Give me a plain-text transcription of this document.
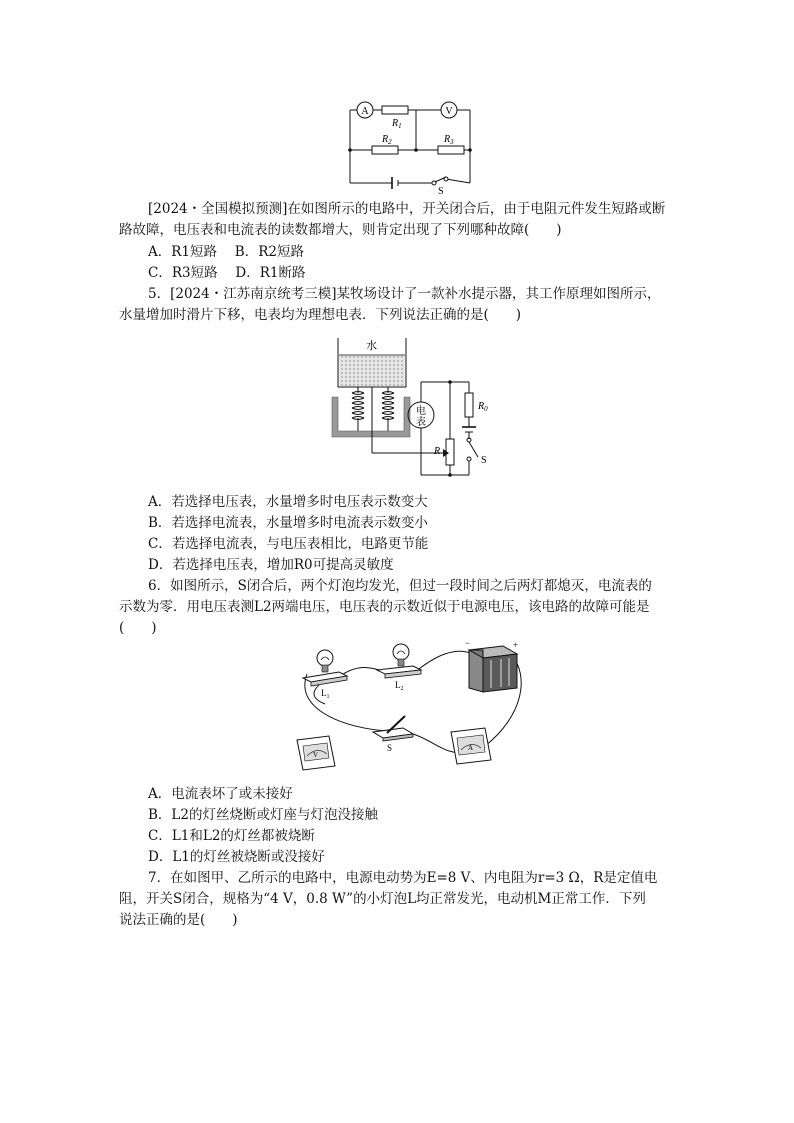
A	V
$R_1$
$R_2$	$R_3$
S
[2024・全国模拟预测]在如图所示的电路中，开关闭合后，由于电阻元件发生短路或断
路故障，电压表和电流表的读数都增大，则肯定出现了下列哪种故障(　　)
A．R1短路　 B．R2短路
C．R3短路　 D．R1断路
5．[2024・江苏南京统考三模]某牧场设计了一款补水提示器，其工作原理如图所示，
水量增加时滑片下移，电表均为理想电表．下列说法正确的是(　　)
水
电
表
$R_0$
R
S
A．若选择电压表，水量增多时电压表示数变大
B．若选择电流表，水量增多时电流表示数变小
C．若选择电流表，与电压表相比，电路更节能
D．若选择电压表，增加R0可提高灵敏度
6．如图所示，S闭合后，两个灯泡均发光，但过一段时间之后两灯都熄灭，电流表的
示数为零．用电压表测L2两端电压，电压表的示数近似于电源电压，该电路的故障可能是
(　　)
−	+
V
A
$L_1$
$L_2$
S
A．电流表坏了或未接好
B．L2的灯丝烧断或灯座与灯泡没接触
C．L1和L2的灯丝都被烧断
D．L1的灯丝被烧断或没接好
7．在如图甲、乙所示的电路中，电源电动势为E=8 V、内电阻为r=3 Ω，R是定值电
阻，开关S闭合，规格为“4 V，0.8 W”的小灯泡L均正常发光，电动机M正常工作．下列
说法正确的是(　　)
